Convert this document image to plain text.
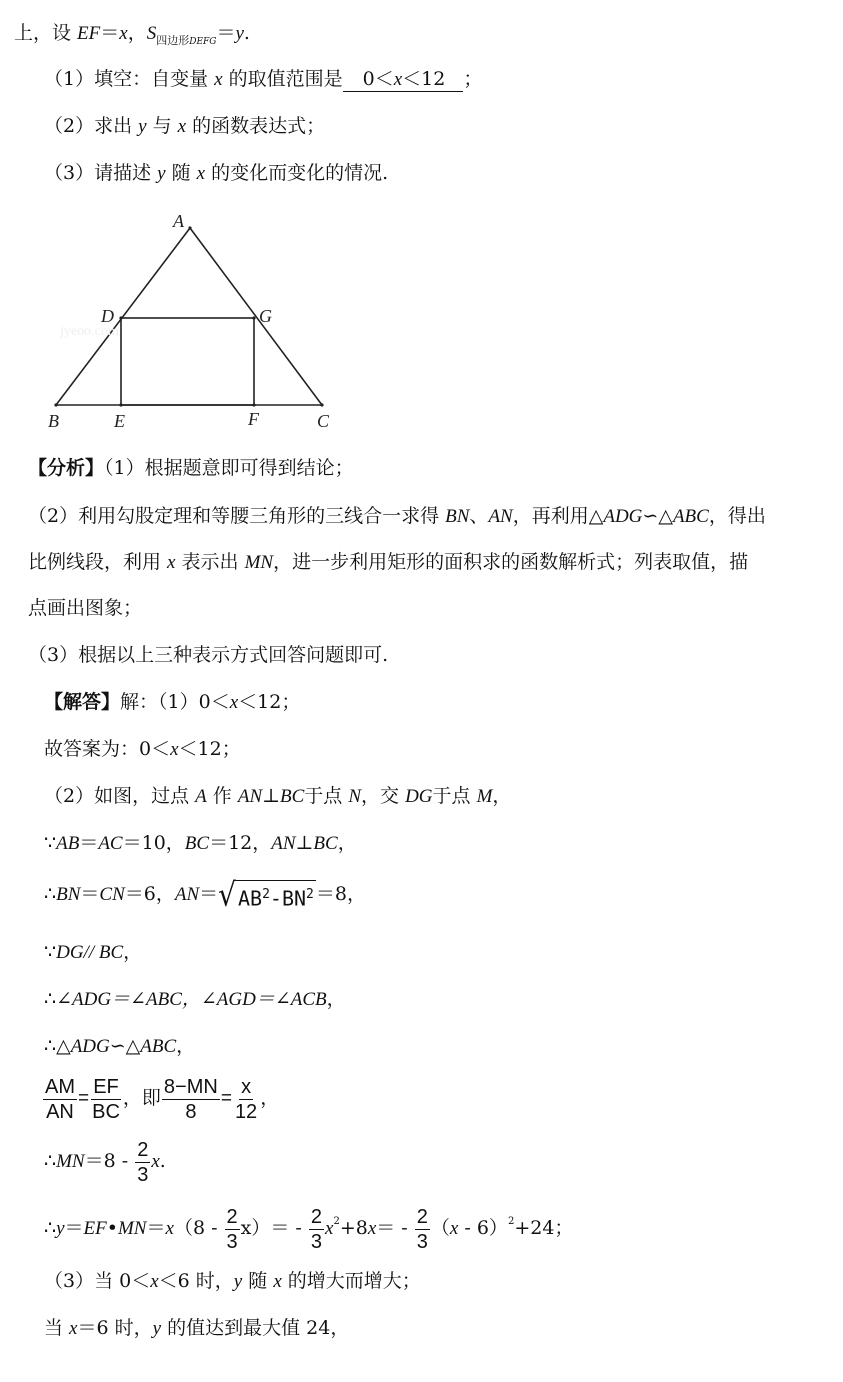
上，设 EF＝x，$S_{四边形DEFG}=y$.
（1）填空：自变量 x 的取值范围是 0＜x＜12 ；
（2）求出 y 与 x 的函数表达式；
（3）请描述 y 随 x 的变化而变化的情况.
jyeoo.com
A
B	C
D
E	F
G
【分析】（1）根据题意即可得到结论；
（2）利用勾股定理和等腰三角形的三线合一求得 BN、AN，再利用△ADG∽△ABC，得出
比例线段，利用 x 表示出 MN，进一步利用矩形的面积求的函数解析式；列表取值，描
点画出图象；
（3）根据以上三种表示方式回答问题即可.
【解答】解：（1）0＜x＜12；
故答案为：0＜x＜12；
（2）如图，过点 A 作 AN⊥BC于点 N，交 DG于点 M，
∵AB＝AC＝10，BC＝12，AN⊥BC，
∴BN＝CN＝6，AN＝ √ $AB^2-BN^2 =8$，
∵DG// BC，
∴∠ADG＝∠ABC，∠AGD＝∠ACB，
∴△ADG∽△ABC，
$\frac{AM}{AN} = \frac{EF}{BC}$ ，即 $\frac{8-MN}{8} = \frac{x}{12}$ ，
∴MN＝8 - $\frac{2}{3} x$.
∴y＝EF•MN＝x（8 - $\frac{2}{3} x)= - \frac{2}{3} x^2+8x= - \frac{2}{3} (x - 6)^2+24$；
（3）当 0＜x＜6 时，y 随 x 的增大而增大；
当 x＝6 时，y 的值达到最大值 24，
